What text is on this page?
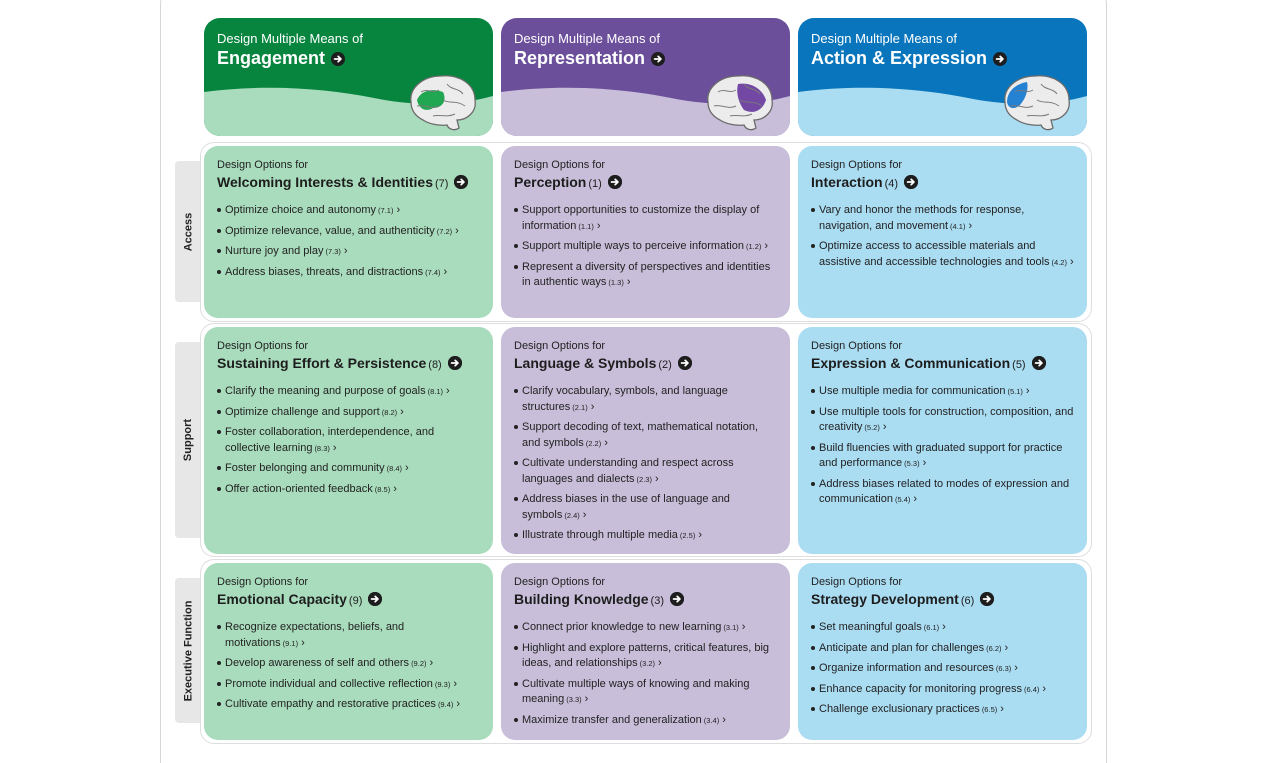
Design Multiple Means of
Engagement
Design Multiple Means of
Representation
Design Multiple Means of
Action & Expression
Access
Support
Executive Function
Design Options for
Welcoming Interests & Identities (7)
Optimize choice and autonomy (7.1) ›
Optimize relevance, value, and authenticity (7.2) ›
Nurture joy and play (7.3) ›
Address biases, threats, and distractions (7.4) ›
Design Options for
Perception (1)
Support opportunities to customize the display of information (1.1) ›
Support multiple ways to perceive information (1.2) ›
Represent a diversity of perspectives and identities in authentic ways (1.3) ›
Design Options for
Interaction (4)
Vary and honor the methods for response, navigation, and movement (4.1) ›
Optimize access to accessible materials and assistive and accessible technologies and tools (4.2) ›
Design Options for
Sustaining Effort & Persistence (8)
Clarify the meaning and purpose of goals (8.1) ›
Optimize challenge and support (8.2) ›
Foster collaboration, interdependence, and collective learning (8.3) ›
Foster belonging and community (8.4) ›
Offer action-oriented feedback (8.5) ›
Design Options for
Language & Symbols (2)
Clarify vocabulary, symbols, and language structures (2.1) ›
Support decoding of text, mathematical notation, and symbols (2.2) ›
Cultivate understanding and respect across languages and dialects (2.3) ›
Address biases in the use of language and symbols (2.4) ›
Illustrate through multiple media (2.5) ›
Design Options for
Expression & Communication (5)
Use multiple media for communication (5.1) ›
Use multiple tools for construction, composition, and creativity (5.2) ›
Build fluencies with graduated support for practice and performance (5.3) ›
Address biases related to modes of expression and communication (5.4) ›
Design Options for
Emotional Capacity (9)
Recognize expectations, beliefs, and motivations (9.1) ›
Develop awareness of self and others (9.2) ›
Promote individual and collective reflection (9.3) ›
Cultivate empathy and restorative practices (9.4) ›
Design Options for
Building Knowledge (3)
Connect prior knowledge to new learning (3.1) ›
Highlight and explore patterns, critical features, big ideas, and relationships (3.2) ›
Cultivate multiple ways of knowing and making meaning (3.3) ›
Maximize transfer and generalization (3.4) ›
Design Options for
Strategy Development (6)
Set meaningful goals (6.1) ›
Anticipate and plan for challenges (6.2) ›
Organize information and resources (6.3) ›
Enhance capacity for monitoring progress (6.4) ›
Challenge exclusionary practices (6.5) ›
